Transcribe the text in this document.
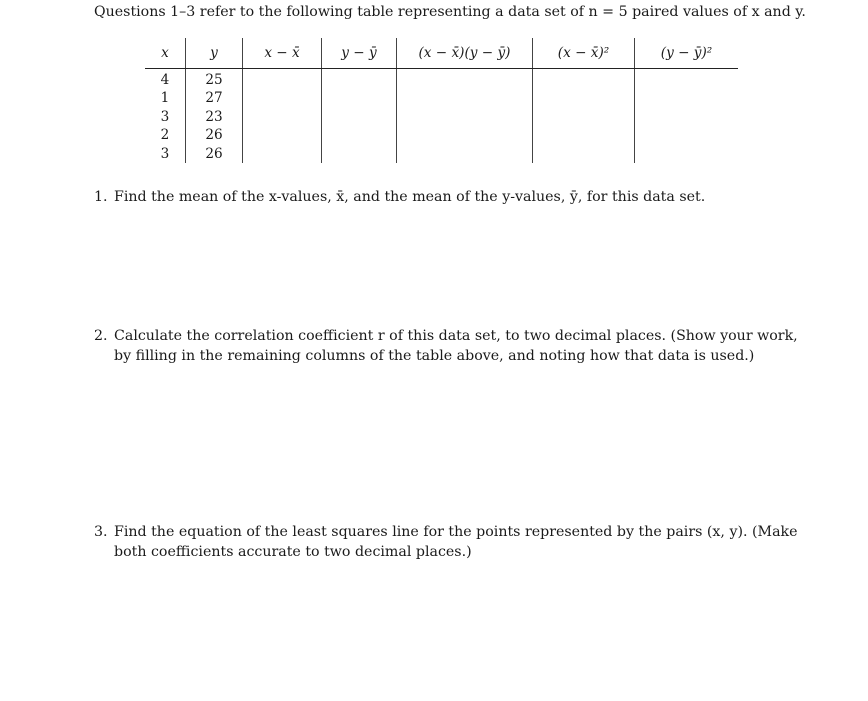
Questions 1–3 refer to the following table representing a data set of n = 5 paired values of x and y.
x	y	x − x̄	y − ȳ	(x − x̄)(y − ȳ)	(x − x̄)²	(y − ȳ)²
4	25					
1	27					
3	23					
2	26					
3	26					
1. Find the mean of the x-values, x̄, and the mean of the y-values, ȳ, for this data set.
2. Calculate the correlation coefficient r of this data set, to two decimal places. (Show your work, by filling in the remaining columns of the table above, and noting how that data is used.)
3. Find the equation of the least squares line for the points represented by the pairs (x, y). (Make both coefficients accurate to two decimal places.)
